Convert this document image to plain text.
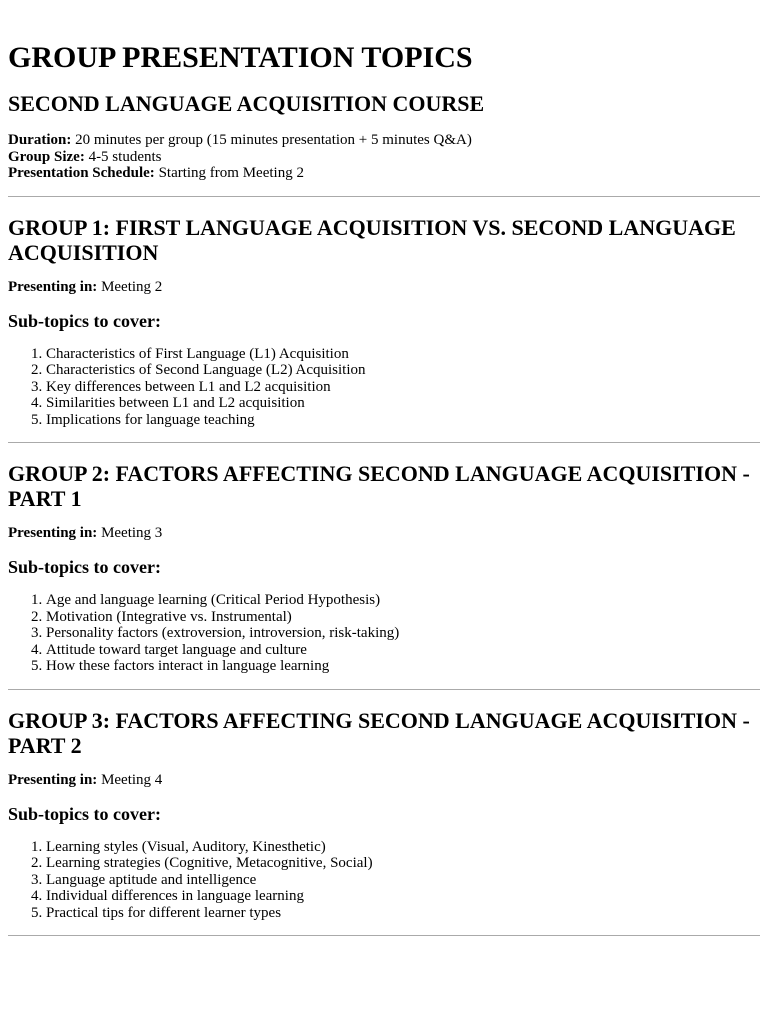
GROUP PRESENTATION TOPICS
SECOND LANGUAGE ACQUISITION COURSE
Duration: 20 minutes per group (15 minutes presentation + 5 minutes Q&A)
Group Size: 4-5 students
Presentation Schedule: Starting from Meeting 2
GROUP 1: FIRST LANGUAGE ACQUISITION VS. SECOND LANGUAGE ACQUISITION
Presenting in: Meeting 2
Sub-topics to cover:
1. Characteristics of First Language (L1) Acquisition
2. Characteristics of Second Language (L2) Acquisition
3. Key differences between L1 and L2 acquisition
4. Similarities between L1 and L2 acquisition
5. Implications for language teaching
GROUP 2: FACTORS AFFECTING SECOND LANGUAGE ACQUISITION - PART 1
Presenting in: Meeting 3
Sub-topics to cover:
1. Age and language learning (Critical Period Hypothesis)
2. Motivation (Integrative vs. Instrumental)
3. Personality factors (extroversion, introversion, risk-taking)
4. Attitude toward target language and culture
5. How these factors interact in language learning
GROUP 3: FACTORS AFFECTING SECOND LANGUAGE ACQUISITION - PART 2
Presenting in: Meeting 4
Sub-topics to cover:
1. Learning styles (Visual, Auditory, Kinesthetic)
2. Learning strategies (Cognitive, Metacognitive, Social)
3. Language aptitude and intelligence
4. Individual differences in language learning
5. Practical tips for different learner types
